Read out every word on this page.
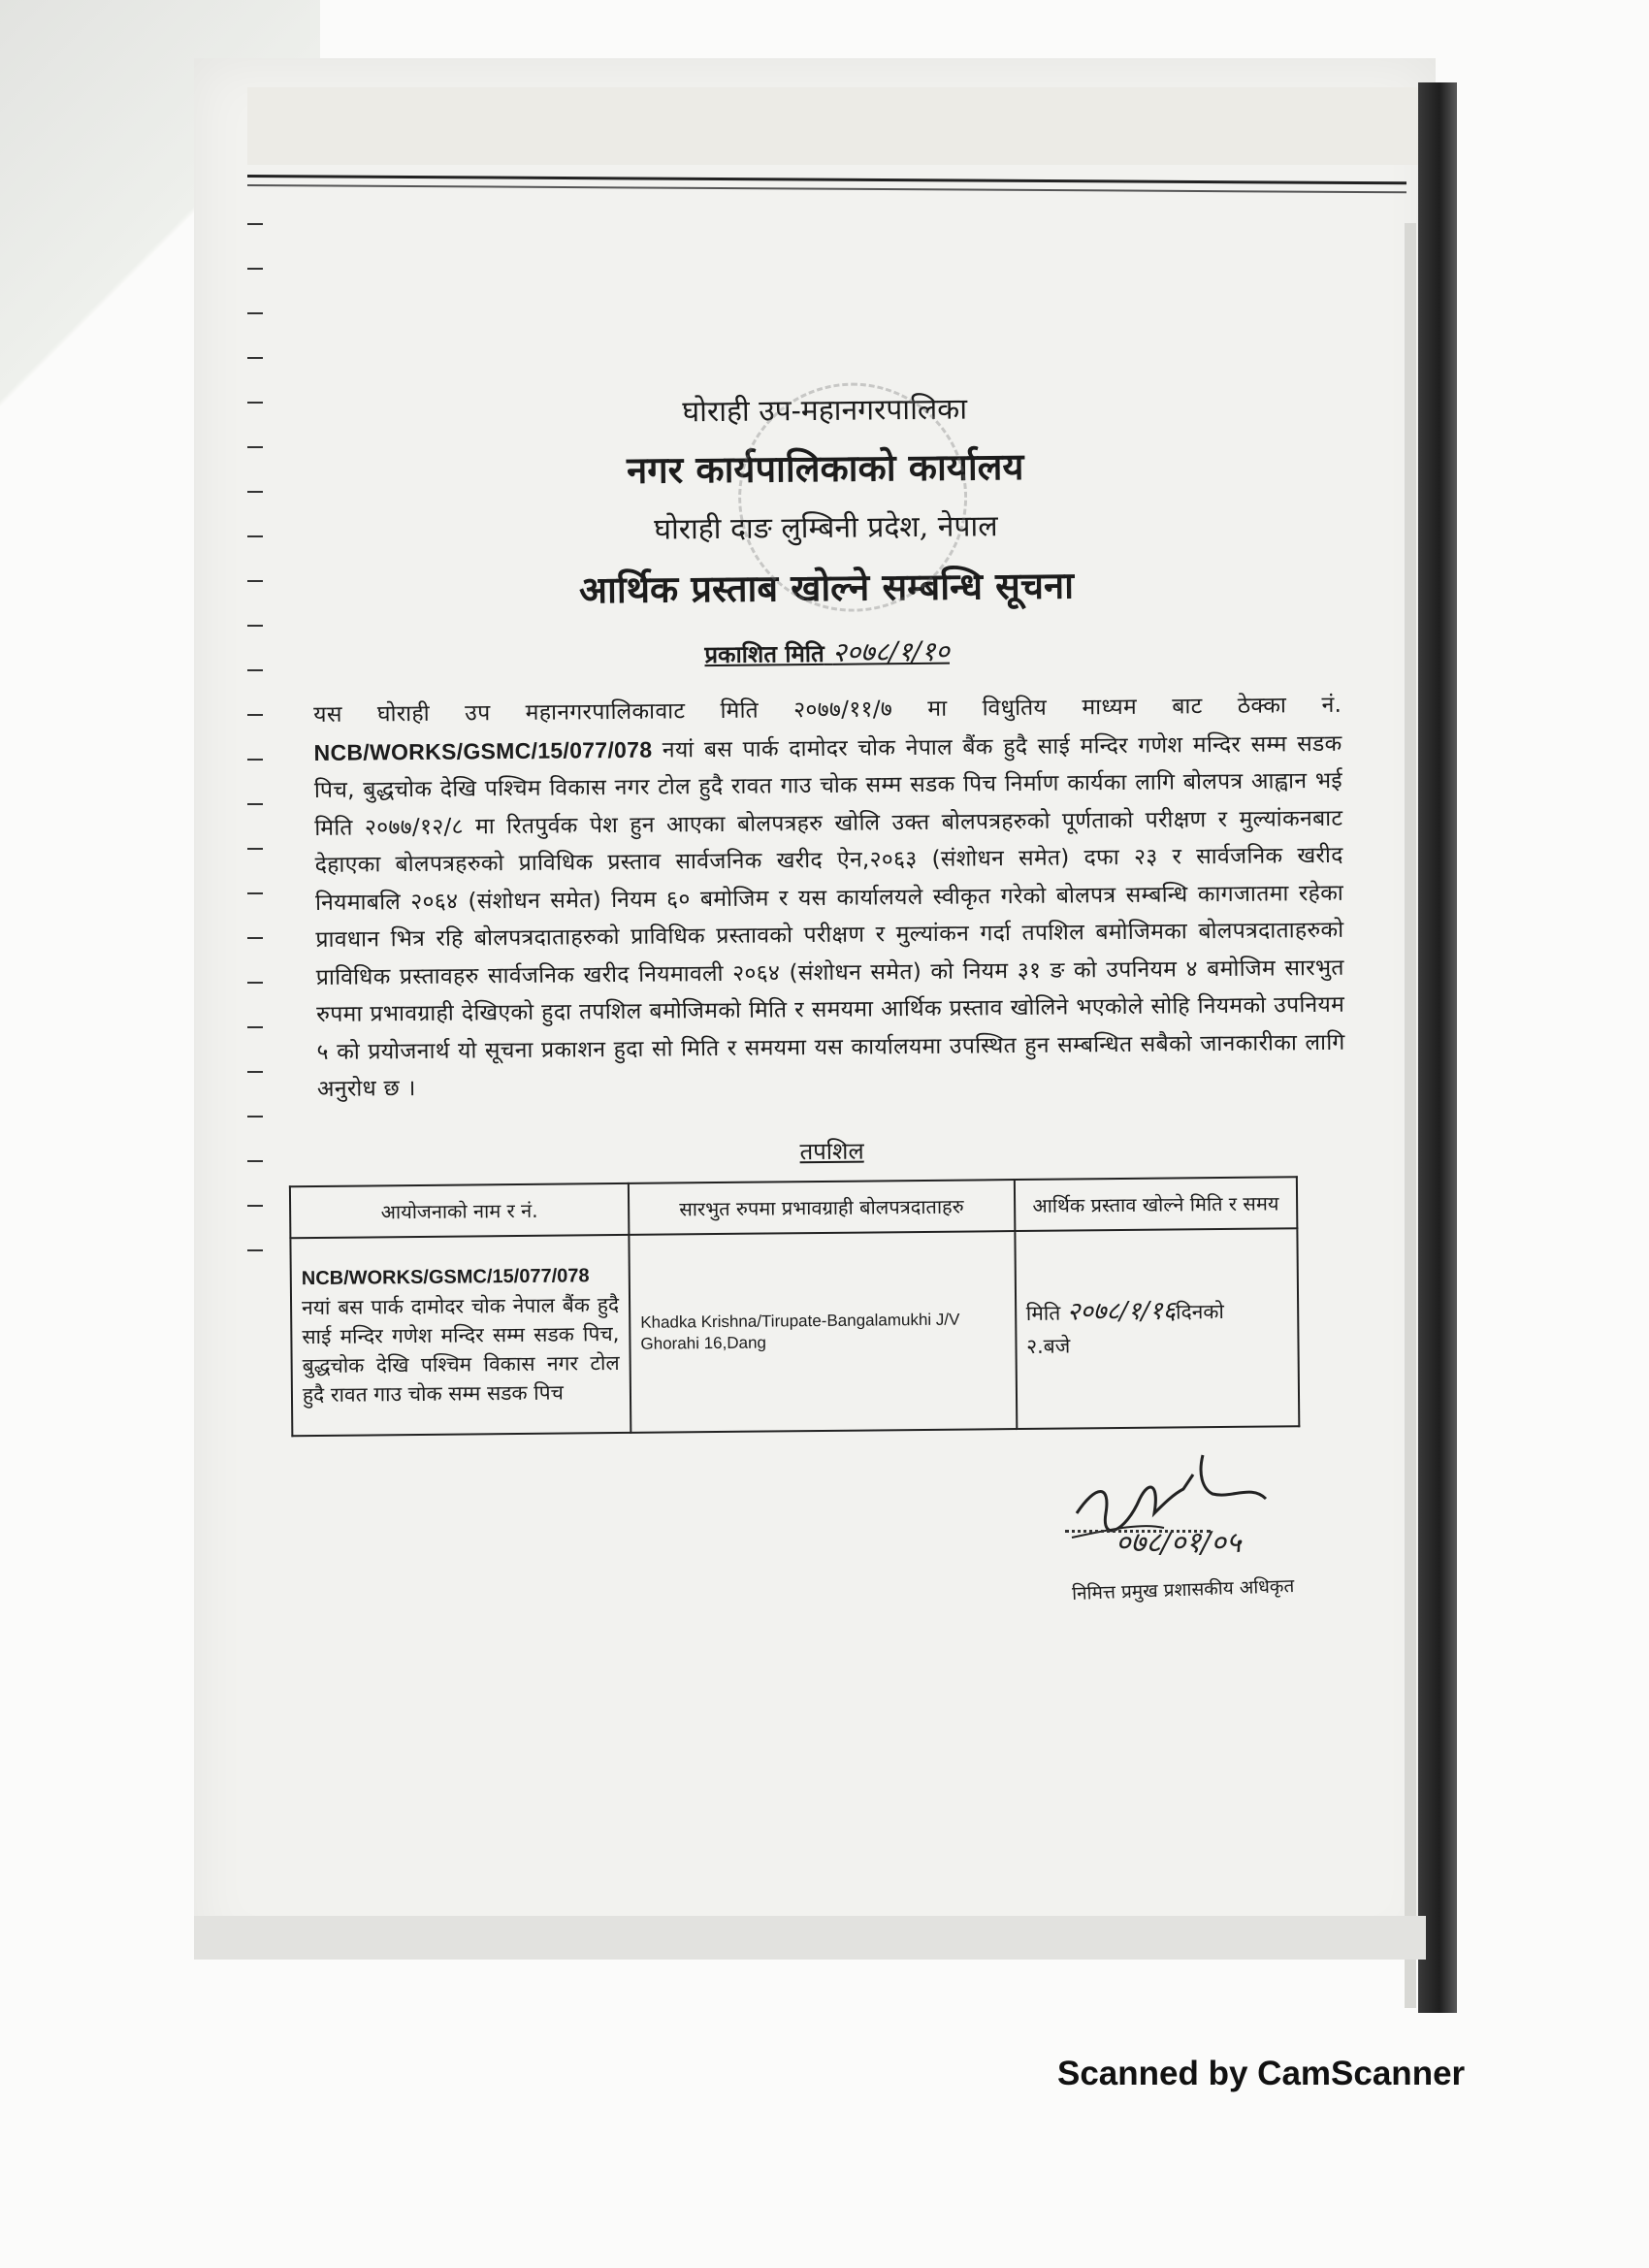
घोराही उप-महानगरपालिका
नगर कार्यपालिकाको कार्यालय
घोराही दाङ लुम्बिनी प्रदेश, नेपाल
आर्थिक प्रस्ताब खोल्ने सम्बन्धि सूचना
प्रकाशित मिति २०७८/१/१०
यस घोराही उप महानगरपालिकावाट मिति २०७७/११/७ मा विधुतिय माध्यम बाट ठेक्का नं. NCB/WORKS/GSMC/15/077/078 नयां बस पार्क दामोदर चोक नेपाल बैंक हुदै साई मन्दिर गणेश मन्दिर सम्म सडक पिच, बुद्धचोक देखि पश्चिम विकास नगर टोल हुदै रावत गाउ चोक सम्म सडक पिच निर्माण कार्यका लागि बोलपत्र आह्वान भई मिति २०७७/१२/८ मा रितपुर्वक पेश हुन आएका बोलपत्रहरु खोलि उक्त बोलपत्रहरुको पूर्णताको परीक्षण र मुल्यांकनबाट देहाएका बोलपत्रहरुको प्राविधिक प्रस्ताव सार्वजनिक खरीद ऐन,२०६३ (संशोधन समेत) दफा २३ र सार्वजनिक खरीद नियमाबलि २०६४ (संशोधन समेत) नियम ६० बमोजिम र यस कार्यालयले स्वीकृत गरेको बोलपत्र सम्बन्धि कागजातमा रहेका प्रावधान भित्र रहि बोलपत्रदाताहरुको प्राविधिक प्रस्तावको परीक्षण र मुल्यांकन गर्दा तपशिल बमोजिमका बोलपत्रदाताहरुको प्राविधिक प्रस्तावहरु सार्वजनिक खरीद नियमावली २०६४ (संशोधन समेत) को नियम ३१ ङ को उपनियम ४ बमोजिम सारभुत रुपमा प्रभावग्राही देखिएको हुदा तपशिल बमोजिमको मिति र समयमा आर्थिक प्रस्ताव खोलिने भएकोले सोहि नियमको उपनियम ५ को प्रयोजनार्थ यो सूचना प्रकाशन हुदा सो मिति र समयमा यस कार्यालयमा उपस्थित हुन सम्बन्धित सबैको जानकारीका लागि अनुरोध छ ।
तपशिल
आयोजनाको नाम र नं.	सारभुत रुपमा प्रभावग्राही बोलपत्रदाताहरु	आर्थिक प्रस्ताव खोल्ने मिति र समय
NCB/WORKS/GSMC/15/077/078 नयां बस पार्क दामोदर चोक नेपाल बैंक हुदै साई मन्दिर गणेश मन्दिर सम्म सडक पिच, बुद्धचोक देखि पश्चिम विकास नगर टोल हुदै रावत गाउ चोक सम्म सडक पिच	Khadka Krishna/Tirupate-Bangalamukhi J/V Ghorahi 16,Dang	मिति २०७८/१/१६दिनको
२.बजे
०७८/०१/०५
निमित्त प्रमुख प्रशासकीय अधिकृत
Scanned by CamScanner
